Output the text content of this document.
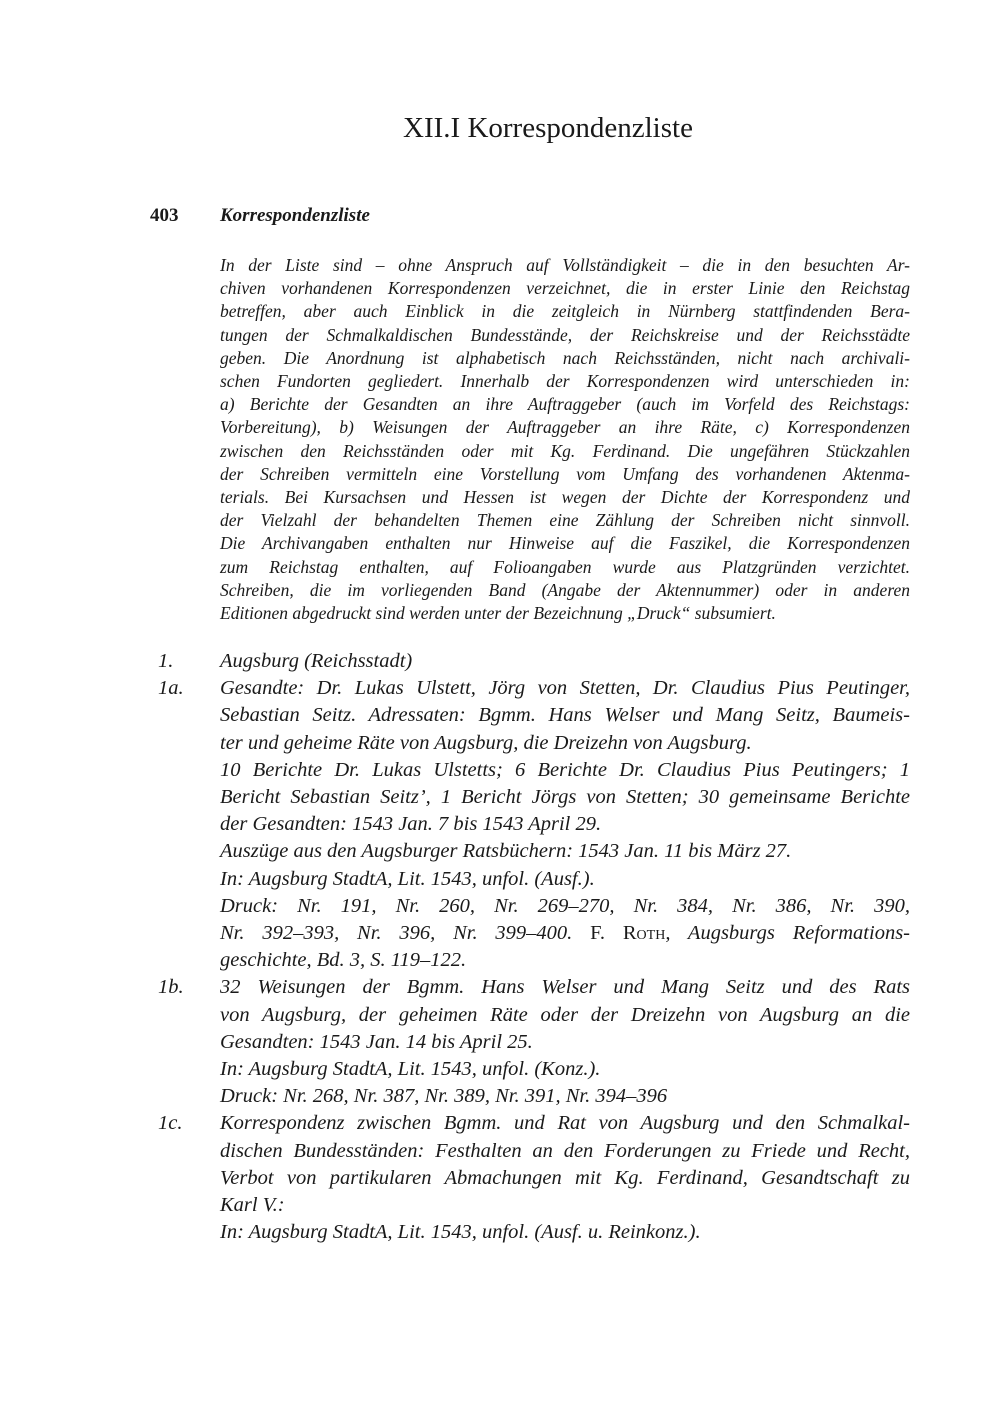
XII.I Korrespondenzliste
403 Korrespondenzliste
In der Liste sind – ohne Anspruch auf Vollständigkeit – die in den besuchten Ar-
chiven vorhandenen Korrespondenzen verzeichnet, die in erster Linie den Reichstag
betreffen, aber auch Einblick in die zeitgleich in Nürnberg stattfindenden Bera-
tungen der Schmalkaldischen Bundesstände, der Reichskreise und der Reichsstädte
geben. Die Anordnung ist alphabetisch nach Reichsständen, nicht nach archivali-
schen Fundorten gegliedert. Innerhalb der Korrespondenzen wird unterschieden in:
a) Berichte der Gesandten an ihre Auftraggeber (auch im Vorfeld des Reichstags:
Vorbereitung), b) Weisungen der Auftraggeber an ihre Räte, c) Korrespondenzen
zwischen den Reichsständen oder mit Kg. Ferdinand. Die ungefähren Stückzahlen
der Schreiben vermitteln eine Vorstellung vom Umfang des vorhandenen Aktenma-
terials. Bei Kursachsen und Hessen ist wegen der Dichte der Korrespondenz und
der Vielzahl der behandelten Themen eine Zählung der Schreiben nicht sinnvoll.
Die Archivangaben enthalten nur Hinweise auf die Faszikel, die Korrespondenzen
zum Reichstag enthalten, auf Folioangaben wurde aus Platzgründen verzichtet.
Schreiben, die im vorliegenden Band (Angabe der Aktennummer) oder in anderen
Editionen abgedruckt sind werden unter der Bezeichnung „Druck“ subsumiert.
1. Augsburg (Reichsstadt)
1a. Gesandte: Dr. Lukas Ulstett, Jörg von Stetten, Dr. Claudius Pius Peutinger,
Sebastian Seitz. Adressaten: Bgmm. Hans Welser und Mang Seitz, Baumeis-
ter und geheime Räte von Augsburg, die Dreizehn von Augsburg.
10 Berichte Dr. Lukas Ulstetts; 6 Berichte Dr. Claudius Pius Peutingers; 1
Bericht Sebastian Seitz’, 1 Bericht Jörgs von Stetten; 30 gemeinsame Berichte
der Gesandten: 1543 Jan. 7 bis 1543 April 29.
Auszüge aus den Augsburger Ratsbüchern: 1543 Jan. 11 bis März 27.
In: Augsburg StadtA, Lit. 1543, unfol. (Ausf.).
Druck: Nr. 191, Nr. 260, Nr. 269–270, Nr. 384, Nr. 386, Nr. 390,
Nr. 392–393, Nr. 396, Nr. 399–400. F. Roth, Augsburgs Reformations-
geschichte, Bd. 3, S. 119–122.
1b. 32 Weisungen der Bgmm. Hans Welser und Mang Seitz und des Rats
von Augsburg, der geheimen Räte oder der Dreizehn von Augsburg an die
Gesandten: 1543 Jan. 14 bis April 25.
In: Augsburg StadtA, Lit. 1543, unfol. (Konz.).
Druck: Nr. 268, Nr. 387, Nr. 389, Nr. 391, Nr. 394–396
1c. Korrespondenz zwischen Bgmm. und Rat von Augsburg und den Schmalkal-
dischen Bundesständen: Festhalten an den Forderungen zu Friede und Recht,
Verbot von partikularen Abmachungen mit Kg. Ferdinand, Gesandtschaft zu
Karl V.:
In: Augsburg StadtA, Lit. 1543, unfol. (Ausf. u. Reinkonz.).
